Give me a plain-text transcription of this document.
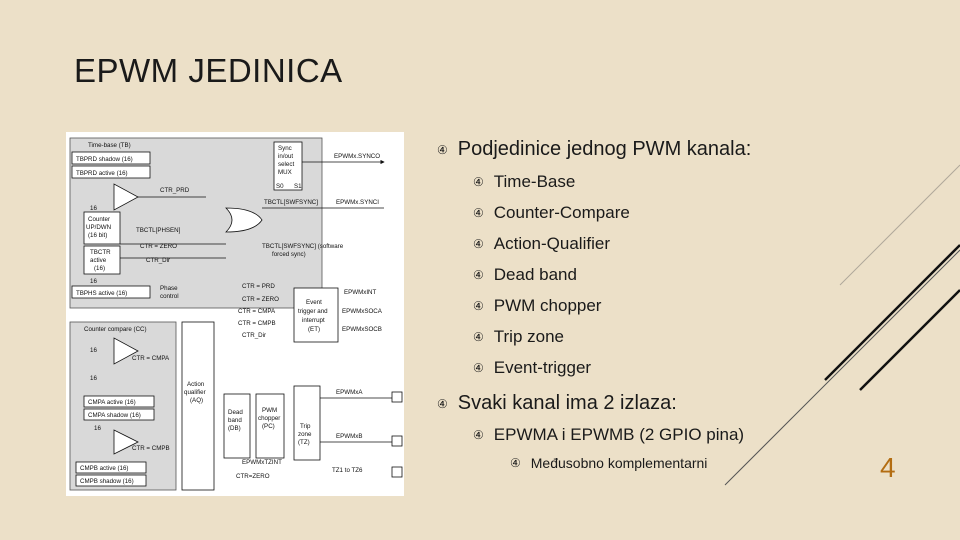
EPWM JEDINICA
Time-base (TB)
TBPRD shadow (16)
TBPRD active (16)
CTR_PRD
Sync
in/out
select
MUX
S0 S1
EPWMx.SYNCO
EPWMx.SYNCI
TBCTL[SWFSYNC]
Counter
UP/DWN
(16 bit)
16
TBCTL[PHSEN]
CTR = ZERO
TBCTR
active
(16)
CTR_Dir
TBCTL[SWFSYNC] (software
forced sync)
TBPHS active (16)
Phase
control
16
CTR = PRD
CTR = ZERO
CTR = CMPA
CTR = CMPB
CTR_Dir
Event
trigger and
interrupt
(ET)
EPWMxINT
EPWMxSOCA
EPWMxSOCB
Counter compare (CC)
CTR = CMPA
16
16
CMPA active (16)
CMPA shadow (16)
CTR = CMPB
16
CMPB active (16)
CMPB shadow (16)
Action
qualifier
(AQ)
Dead
band
(DB)
PWM
chopper
(PC)	Trip
zone
(TZ)
EPWMxA
EPWMxB
EPWMxTZINT
TZ1 to TZ6
CTR=ZERO
④ Podjedinice jednog PWM kanala:
④ Time-Base
④ Counter-Compare
④ Action-Qualifier
④ Dead band
④ PWM chopper
④ Trip zone
④ Event-trigger
④ Svaki kanal ima 2 izlaza:
④ EPWMA i EPWMB (2 GPIO pina)
④ Međusobno komplementarni	4
